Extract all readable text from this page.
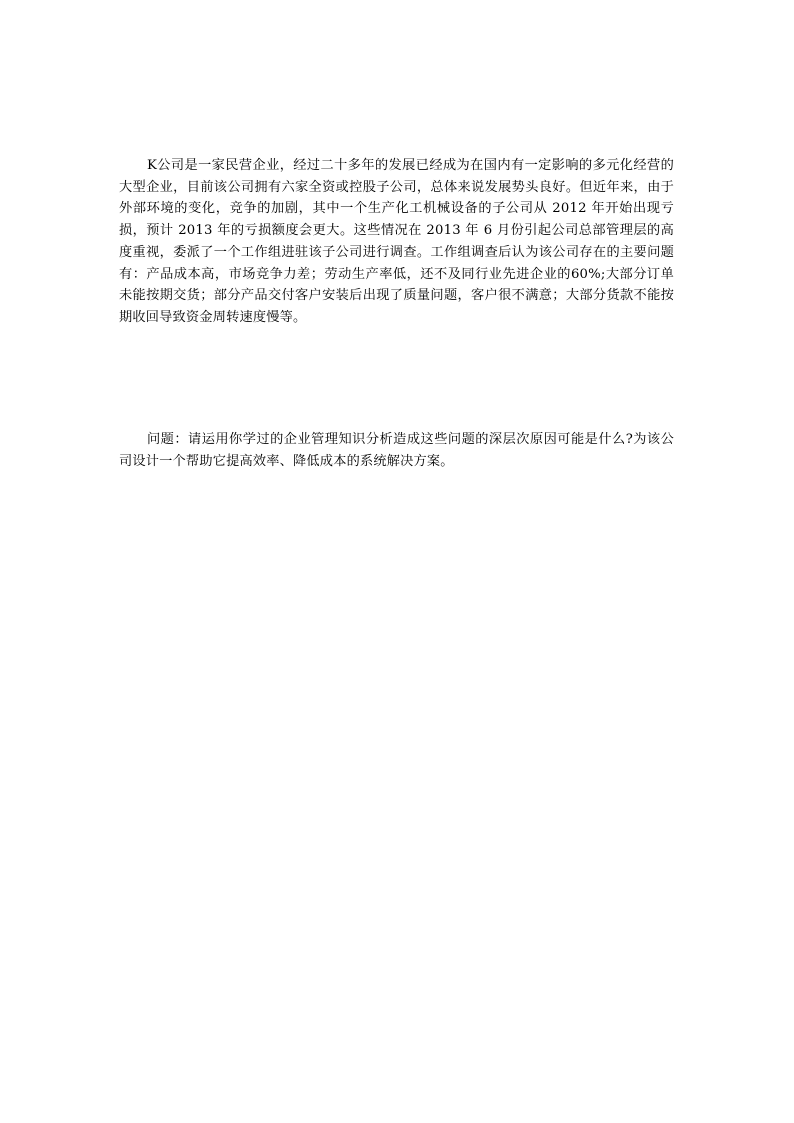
K公司是一家民营企业，经过二十多年的发展已经成为在国内有一定影响的多元化经营的大型企业，目前该公司拥有六家全资或控股子公司，总体来说发展势头良好。但近年来，由于外部环境的变化，竞争的加剧，其中一个生产化工机械设备的子公司从 2012 年开始出现亏损，预计 2013 年的亏损额度会更大。这些情况在 2013 年 6 月份引起公司总部管理层的高度重视，委派了一个工作组进驻该子公司进行调查。工作组调查后认为该公司存在的主要问题有：产品成本高，市场竞争力差；劳动生产率低，还不及同行业先进企业的60%;大部分订单未能按期交货；部分产品交付客户安装后出现了质量问题，客户很不满意；大部分货款不能按期收回导致资金周转速度慢等。

问题：请运用你学过的企业管理知识分析造成这些问题的深层次原因可能是什么?为该公司设计一个帮助它提高效率、降低成本的系统解决方案。
